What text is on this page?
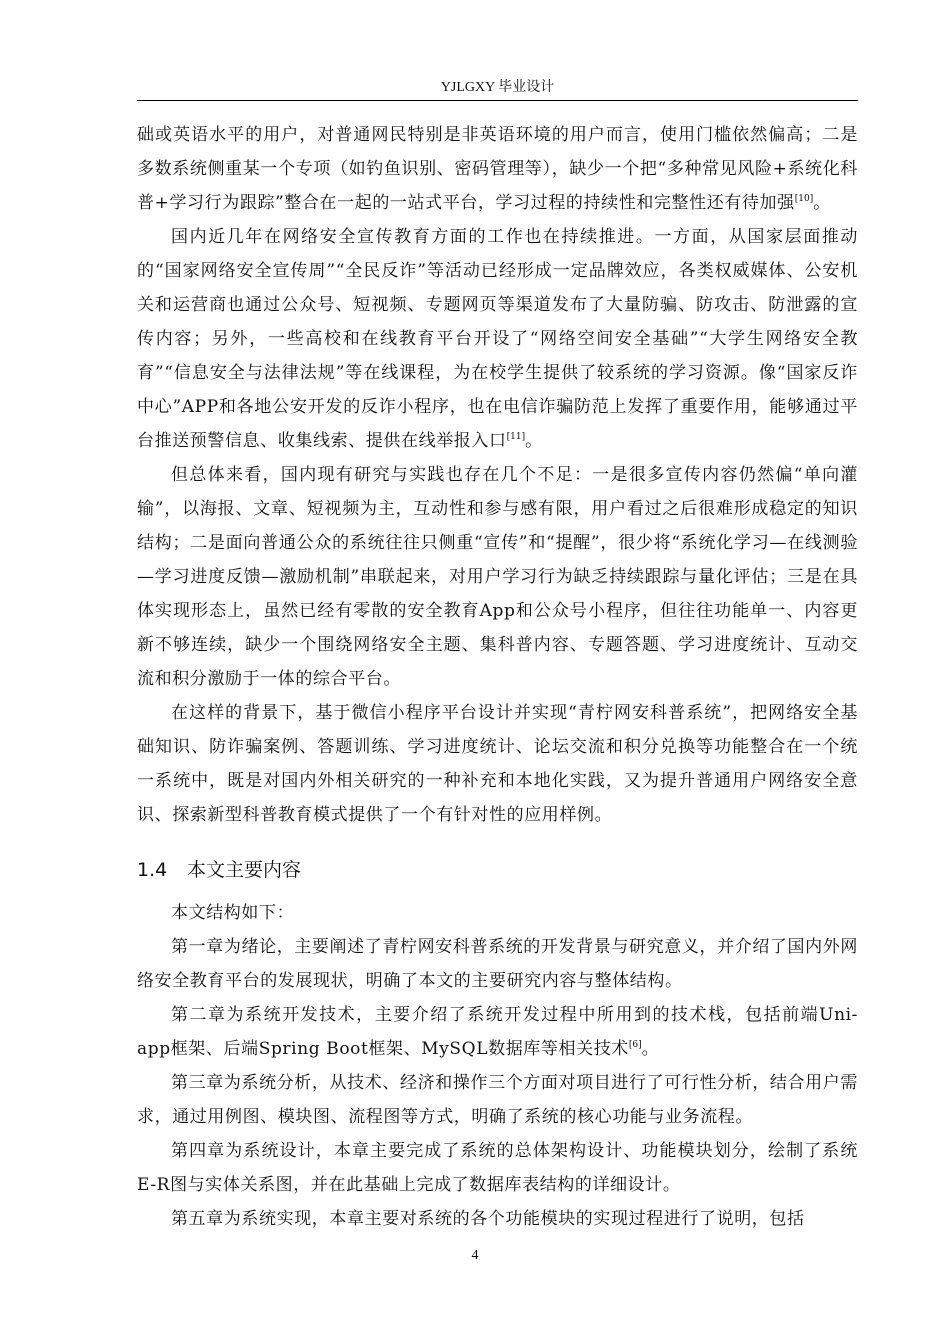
YJLGXY 毕业设计

础或英语水平的用户，对普通网民特别是非英语环境的用户而言，使用门槛依然偏高；二是多数系统侧重某一个专项（如钓鱼识别、密码管理等），缺少一个把“多种常见风险+系统化科普+学习行为跟踪”整合在一起的一站式平台，学习过程的持续性和完整性还有待加强[10]。

国内近几年在网络安全宣传教育方面的工作也在持续推进。一方面，从国家层面推动的“国家网络安全宣传周”“全民反诈”等活动已经形成一定品牌效应，各类权威媒体、公安机关和运营商也通过公众号、短视频、专题网页等渠道发布了大量防骗、防攻击、防泄露的宣传内容；另外，一些高校和在线教育平台开设了“网络空间安全基础”“大学生网络安全教育”“信息安全与法律法规”等在线课程，为在校学生提供了较系统的学习资源。像“国家反诈中心”APP和各地公安开发的反诈小程序，也在电信诈骗防范上发挥了重要作用，能够通过平台推送预警信息、收集线索、提供在线举报入口[11]。

但总体来看，国内现有研究与实践也存在几个不足：一是很多宣传内容仍然偏“单向灌输”，以海报、文章、短视频为主，互动性和参与感有限，用户看过之后很难形成稳定的知识结构；二是面向普通公众的系统往往只侧重“宣传”和“提醒”，很少将“系统化学习—在线测验—学习进度反馈—激励机制”串联起来，对用户学习行为缺乏持续跟踪与量化评估；三是在具体实现形态上，虽然已经有零散的安全教育App和公众号小程序，但往往功能单一、内容更新不够连续，缺少一个围绕网络安全主题、集科普内容、专题答题、学习进度统计、互动交流和积分激励于一体的综合平台。

在这样的背景下，基于微信小程序平台设计并实现“青柠网安科普系统”，把网络安全基础知识、防诈骗案例、答题训练、学习进度统计、论坛交流和积分兑换等功能整合在一个统一系统中，既是对国内外相关研究的一种补充和本地化实践，又为提升普通用户网络安全意识、探索新型科普教育模式提供了一个有针对性的应用样例。

1.4 本文主要内容

本文结构如下：

第一章为绪论，主要阐述了青柠网安科普系统的开发背景与研究意义，并介绍了国内外网络安全教育平台的发展现状，明确了本文的主要研究内容与整体结构。

第二章为系统开发技术，主要介绍了系统开发过程中所用到的技术栈，包括前端Uni-app框架、后端Spring Boot框架、MySQL数据库等相关技术[6]。

第三章为系统分析，从技术、经济和操作三个方面对项目进行了可行性分析，结合用户需求，通过用例图、模块图、流程图等方式，明确了系统的核心功能与业务流程。

第四章为系统设计，本章主要完成了系统的总体架构设计、功能模块划分，绘制了系统E-R图与实体关系图，并在此基础上完成了数据库表结构的详细设计。

第五章为系统实现，本章主要对系统的各个功能模块的实现过程进行了说明，包括

4
